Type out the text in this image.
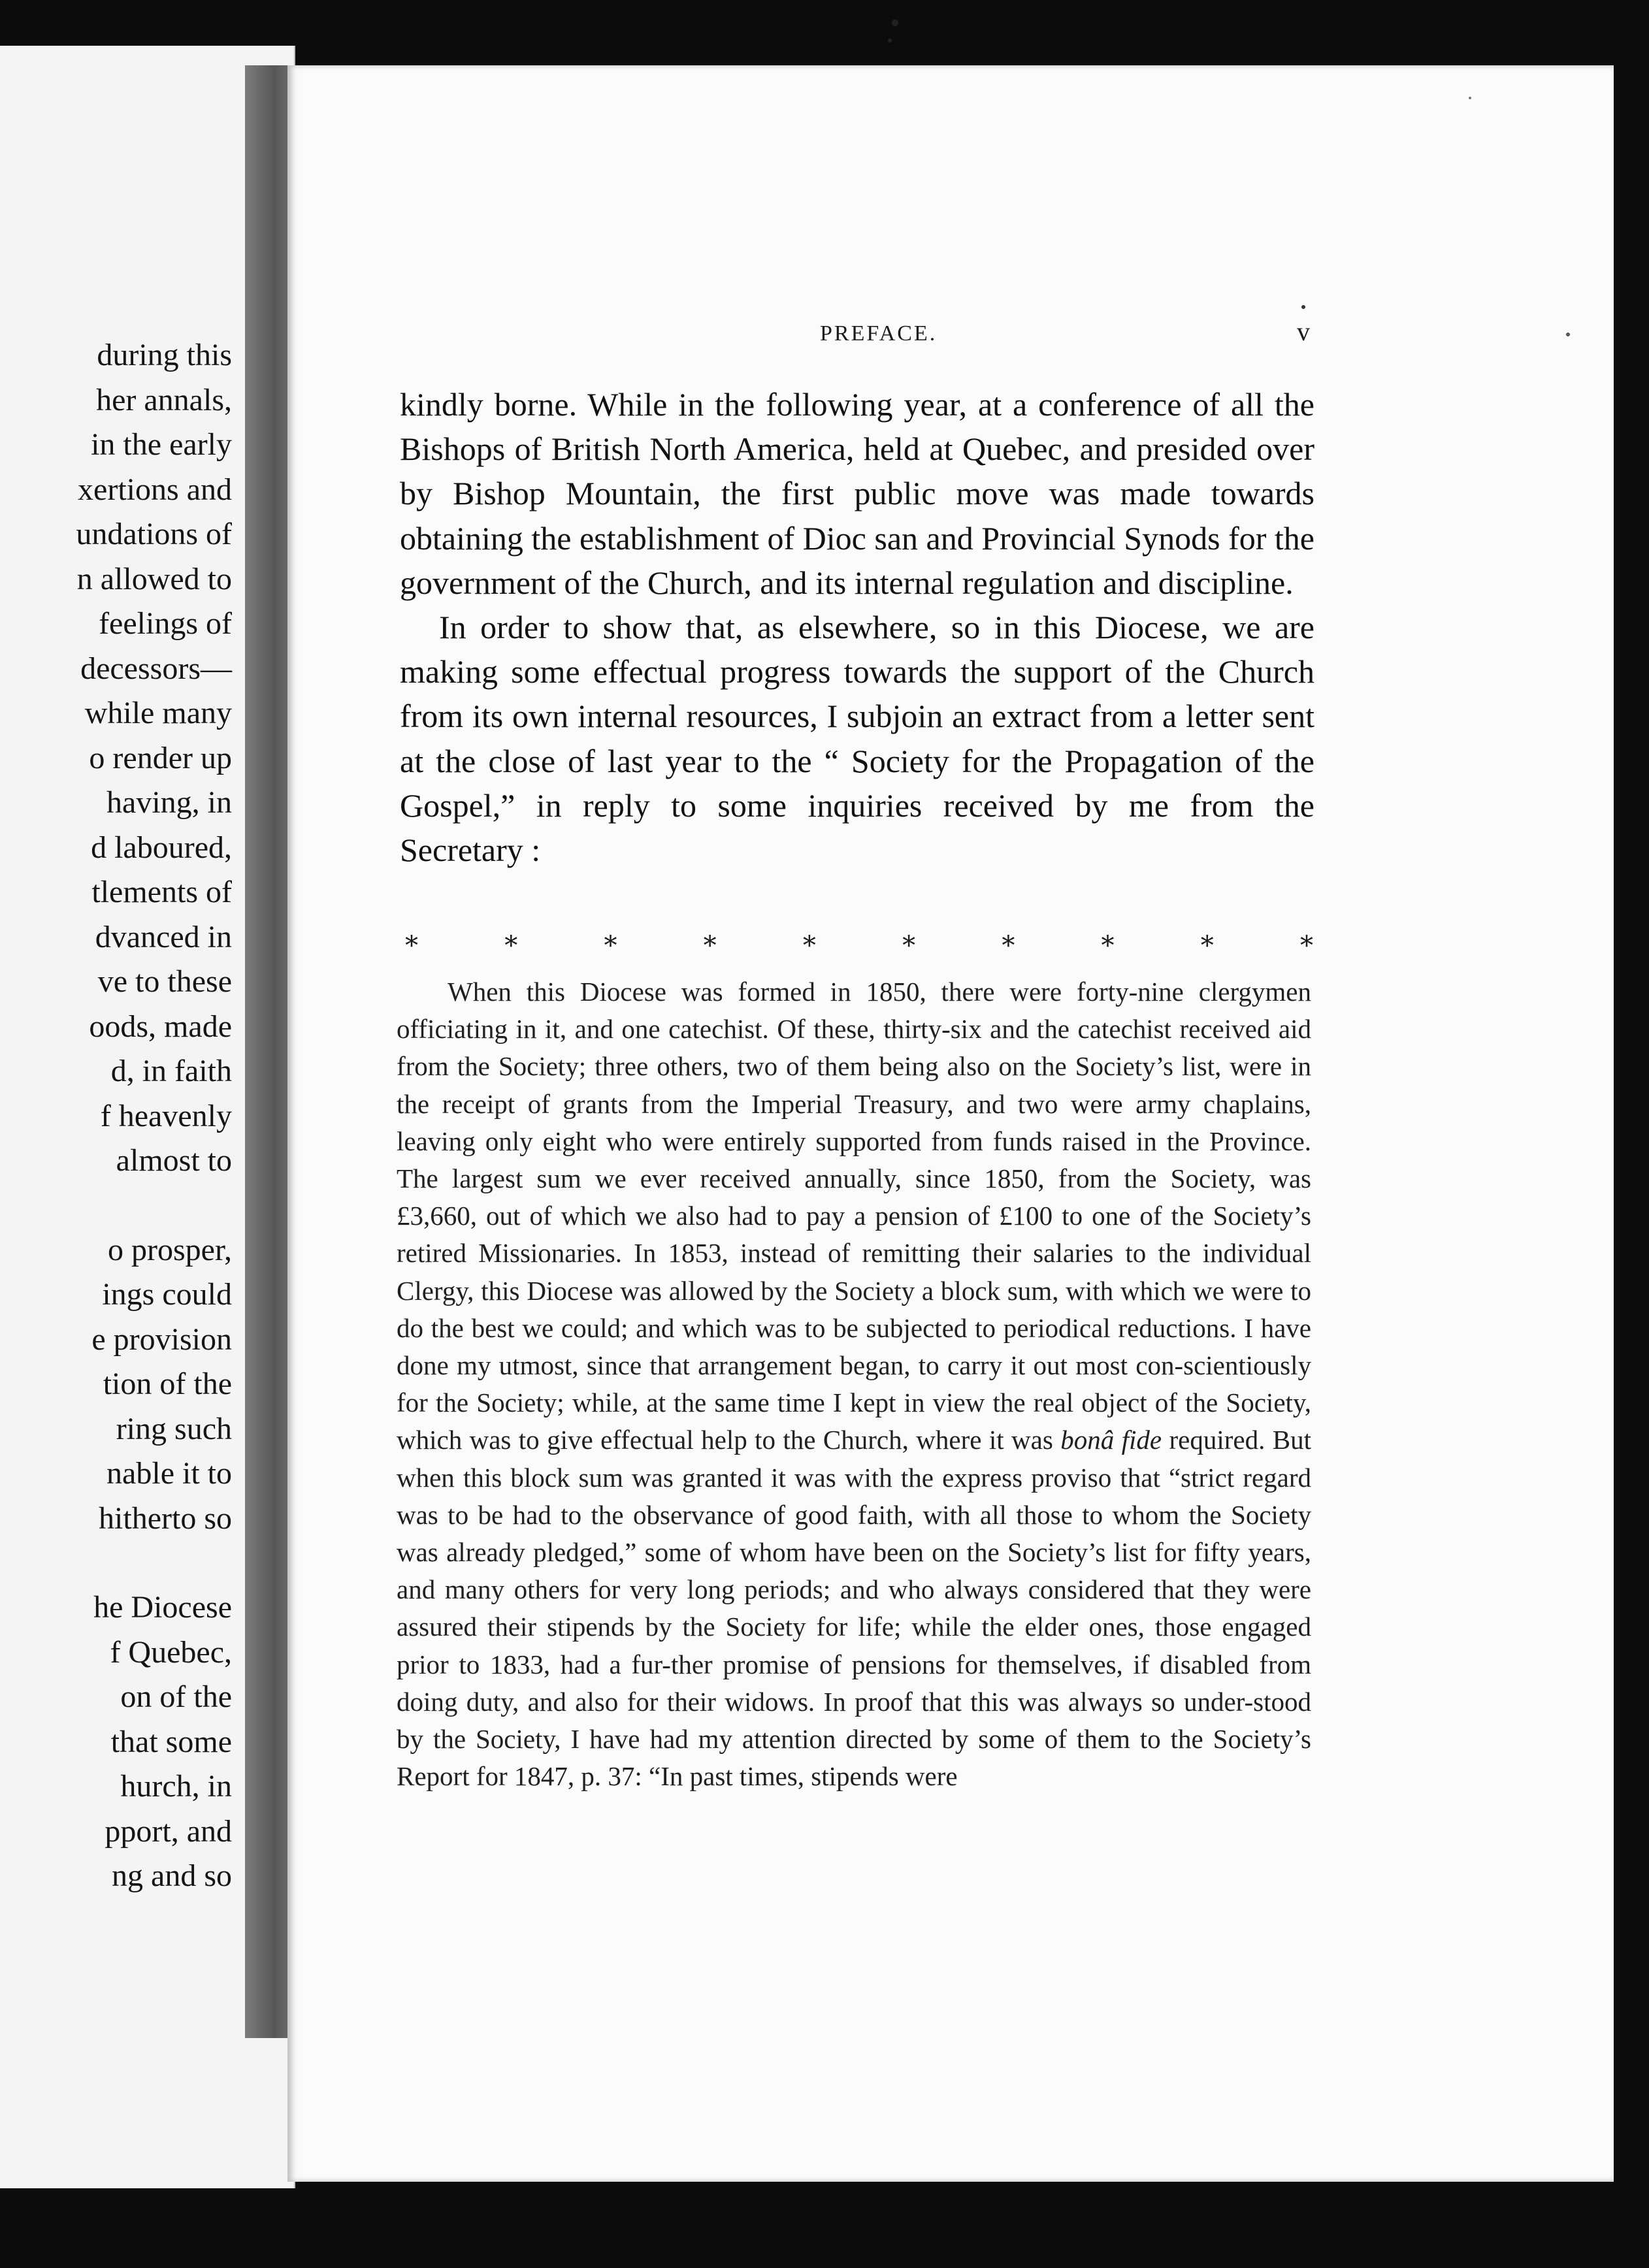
during this
her annals,
in the early
xertions and
undations of
n allowed to
feelings of
decessors—
while many
o render up
having, in
d laboured,
tlements of
dvanced in
ve to these
oods, made
d, in faith
f heavenly
almost to

o prosper,
ings could
e provision
tion of the
ring such
nable it to
hitherto so

he Diocese
f Quebec,
on of the
that some
hurch, in
pport, and
ng and so
PREFACE.	v

kindly borne. While in the following year, at a conference of all the Bishops of British North America, held at Quebec, and presided over by Bishop Mountain, the first public move was made towards obtaining the establishment of Dioc san and Provincial Synods for the government of the Church, and its internal regulation and discipline.

In order to show that, as elsewhere, so in this Diocese, we are making some effectual progress towards the support of the Church from its own internal resources, I subjoin an extract from a letter sent at the close of last year to the “ Society for the Propagation of the Gospel,” in reply to some inquiries received by me from the Secretary :

*	*	*	*	*	*	*	*	*	*

When this Diocese was formed in 1850, there were forty-nine clergymen officiating in it, and one catechist. Of these, thirty-six and the catechist received aid from the Society; three others, two of them being also on the Society’s list, were in the receipt of grants from the Imperial Treasury, and two were army chaplains, leaving only eight who were entirely supported from funds raised in the Province. The largest sum we ever received annually, since 1850, from the Society, was £3,660, out of which we also had to pay a pension of £100 to one of the Society’s retired Missionaries. In 1853, instead of remitting their salaries to the individual Clergy, this Diocese was allowed by the Society a block sum, with which we were to do the best we could; and which was to be subjected to periodical reductions. I have done my utmost, since that arrangement began, to carry it out most con-scientiously for the Society; while, at the same time I kept in view the real object of the Society, which was to give effectual help to the Church, where it was bonâ fide required. But when this block sum was granted it was with the express proviso that “strict regard was to be had to the observance of good faith, with all those to whom the Society was already pledged,” some of whom have been on the Society’s list for fifty years, and many others for very long periods; and who always considered that they were assured their stipends by the Society for life; while the elder ones, those engaged prior to 1833, had a fur-ther promise of pensions for themselves, if disabled from doing duty, and also for their widows. In proof that this was always so under-stood by the Society, I have had my attention directed by some of them to the Society’s Report for 1847, p. 37: “In past times, stipends were
